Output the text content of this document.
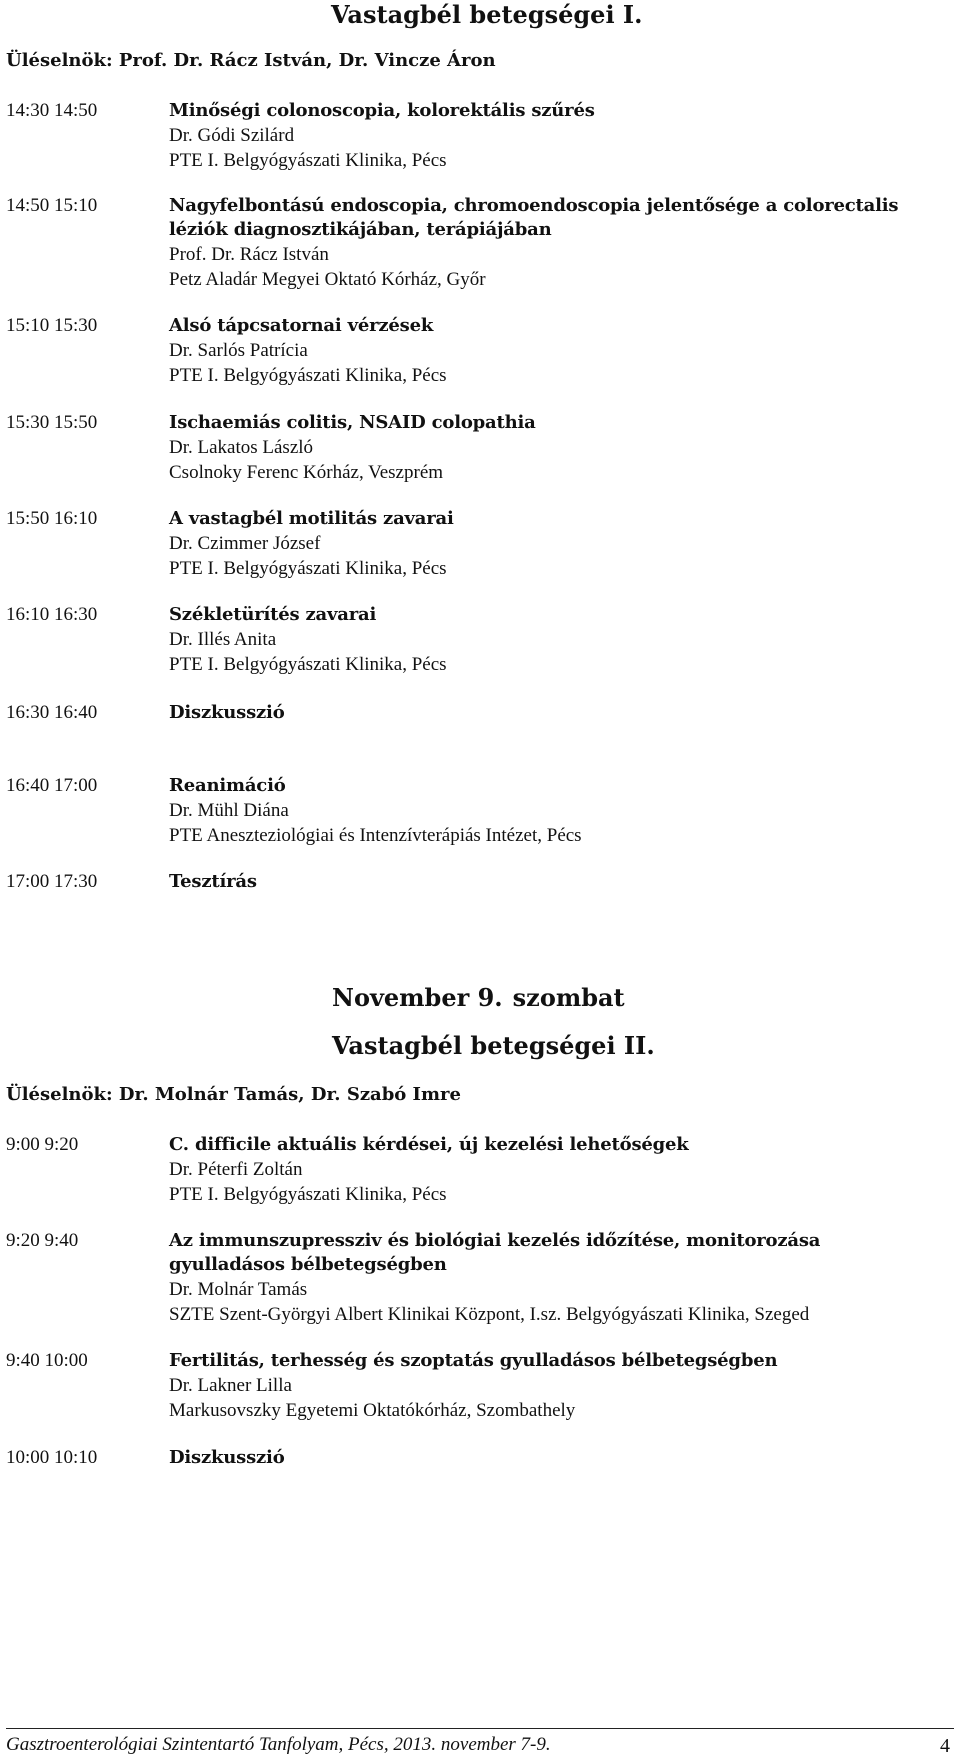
Vastagbél betegségei I.
Üléselnök: Prof. Dr. Rácz István, Dr. Vincze Áron
14:30 14:50	Minőségi colonoscopia, kolorektális szűrés
Dr. Gódi Szilárd
PTE I. Belgyógyászati Klinika, Pécs
14:50 15:10	Nagyfelbontású endoscopia, chromoendoscopia jelentősége a colorectalis
léziók diagnosztikájában, terápiájában
Prof. Dr. Rácz István
Petz Aladár Megyei Oktató Kórház, Győr
15:10 15:30	Alsó tápcsatornai vérzések
Dr. Sarlós Patrícia
PTE I. Belgyógyászati Klinika, Pécs
15:30 15:50	Ischaemiás colitis, NSAID colopathia
Dr. Lakatos László
Csolnoky Ferenc Kórház, Veszprém
15:50 16:10	A vastagbél motilitás zavarai
Dr. Czimmer József
PTE I. Belgyógyászati Klinika, Pécs
16:10 16:30	Székletürítés zavarai
Dr. Illés Anita
PTE I. Belgyógyászati Klinika, Pécs
16:30 16:40	Diszkusszió
16:40 17:00	Reanimáció
Dr. Mühl Diána
PTE Aneszteziológiai és Intenzívterápiás Intézet, Pécs
17:00 17:30	Tesztírás
November 9. szombat
Vastagbél betegségei II.
Üléselnök: Dr. Molnár Tamás, Dr. Szabó Imre
9:00 9:20	C. difficile aktuális kérdései, új kezelési lehetőségek
Dr. Péterfi Zoltán
PTE I. Belgyógyászati Klinika, Pécs
9:20 9:40	Az immunszupressziv és biológiai kezelés időzítése, monitorozása
gyulladásos bélbetegségben
Dr. Molnár Tamás
SZTE Szent-Györgyi Albert Klinikai Központ, I.sz. Belgyógyászati Klinika, Szeged
9:40 10:00	Fertilitás, terhesség és szoptatás gyulladásos bélbetegségben
Dr. Lakner Lilla
Markusovszky Egyetemi Oktatókórház, Szombathely
10:00 10:10	Diszkusszió
Gasztroenterológiai Szintentartó Tanfolyam, Pécs, 2013. november 7-9.	4
